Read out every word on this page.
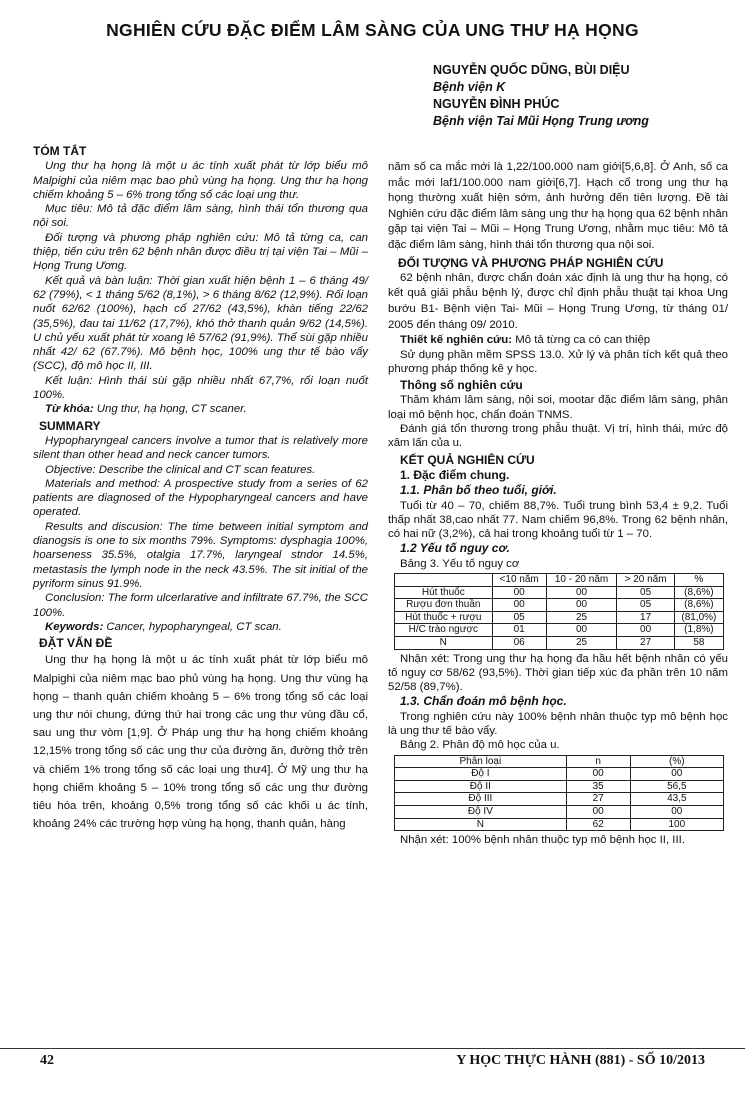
NGHIÊN CỨU ĐẶC ĐIỂM LÂM SÀNG CỦA UNG THƯ HẠ HỌNG
NGUYỄN QUỐC DŨNG, BÙI DIỆU
Bệnh viện K
NGUYỄN ĐÌNH PHÚC
Bệnh viện Tai Mũi Họng Trung ương
TÓM TẮT
Ung thư hạ họng là một u ác tính xuất phát từ lớp biểu mô Malpighi của niêm mạc bao phủ vùng hạ họng. Ung thư hạ họng chiếm khoảng 5 – 6% trong tổng số các loại ung thư.
Mục tiêu: Mô tả đặc điểm lâm sàng, hình thái tổn thương qua nội soi.
Đối tượng và phương pháp nghiên cứu: Mô tả từng ca, can thiệp, tiến cứu trên 62 bệnh nhân được điều trị tại viện Tai – Mũi – Họng Trung Ương.
Kết quả và bàn luận: Thời gian xuất hiện bệnh 1 – 6 tháng 49/ 62 (79%), < 1 tháng 5/62 (8,1%), > 6 tháng 8/62 (12,9%). Rối loạn nuốt 62/62 (100%), hạch cổ 27/62 (43,5%), khàn tiếng 22/62 (35,5%), đau tai 11/62 (17,7%), khó thở thanh quản 9/62 (14,5%). U chủ yếu xuất phát từ xoang lê 57/62 (91,9%). Thể sùi gặp nhiều nhất 42/ 62 (67.7%). Mô bệnh học, 100% ung thư tế bào vẩy (SCC), độ mô học II, III.
Kết luận: Hình thái sùi gặp nhiều nhất 67,7%, rối loạn nuốt 100%.
Từ khóa: Ung thư, hạ họng, CT scaner.
SUMMARY
Hypopharyngeal cancers involve a tumor that is relatively more silent than other head and neck cancer tumors.
Objective: Describe the clinical and CT scan features.
Materials and method: A prospective study from a series of 62 patients are diagnosed of the Hypopharyngeal cancers and have operated.
Results and discusion: The time between initial symptom and dianogsis is one to six months 79%. Symptoms: dysphagia 100%, hoarseness 35.5%, otalgia 17.7%, laryngeal stndor 14.5%, metastasis the lymph node in the neck 43.5%. The sit initial of the pyriform sinus 91.9%.
Conclusion: The form ulcerlarative and infiltrate 67.7%, the SCC 100%.
Keywords: Cancer, hypopharyngeal, CT scan.
ĐẶT VẤN ĐỀ
Ung thư hạ họng là một u ác tính xuất phát từ lớp biểu mô Malpighi của niêm mạc bao phủ vùng hạ họng. Ung thư vùng hạ họng – thanh quản chiếm khoảng 5 – 6% trong tổng số các loại ung thư nói chung, đứng thứ hai trong các ung thư vùng đầu cổ, sau ung thư vòm [1,9]. Ở Pháp ung thư hạ họng chiếm khoảng 12,15% trong tổng số các ung thư của đường ăn, đường thở trên và chiếm 1% trong tổng số các loại ung thư4]. Ở Mỹ ung thư hạ họng chiếm khoảng 5 – 10% trong tổng số các ung thư đường tiêu hóa trên, khoảng 0,5% trong tổng số các khối u ác tính, khoảng 24% các trường hợp vùng hạ họng, thanh quản, hàng
năm số ca mắc mới là 1,22/100.000 nam giới[5,6,8]. Ở Anh, số ca mắc mới laf1/100.000 nam giới[6,7]. Hạch cổ trong ung thư hạ họng thường xuất hiện sớm, ảnh hưởng đến tiên lượng. Đề tài Nghiên cứu đặc điểm lâm sàng ung thư hạ họng qua 62 bệnh nhân gặp tại viện Tai – Mũi – Họng Trung Ương, nhằm mục tiêu: Mô tả đặc điểm lâm sàng, hình thái tổn thương qua nội soi.
ĐỐI TƯỢNG VÀ PHƯƠNG PHÁP NGHIÊN CỨU
62 bệnh nhân, được chẩn đoán xác định là ung thư hạ họng, có kết quả giải phẫu bệnh lý, được chỉ định phẫu thuật tại khoa Ung bướu B1- Bệnh viện Tai- Mũi – Họng Trung Ương, từ tháng 01/ 2005 đến tháng 09/ 2010.
Thiết kế nghiên cứu: Mô tả từng ca có can thiệp
Sử dụng phần mềm SPSS 13.0. Xử lý và phân tích kết quả theo phương pháp thống kê y học.
Thông số nghiên cứu
Thăm khám lâm sàng, nội soi, mootar đặc điểm lâm sàng, phân loại mô bệnh học, chẩn đoán TNMS.
Đánh giá tổn thương trong phẫu thuật. Vị trí, hình thái, mức độ xâm lấn của u.
KẾT QUẢ NGHIÊN CỨU
1. Đặc điểm chung.
1.1. Phân bố theo tuổi, giới.
Tuổi từ 40 – 70, chiếm 88,7%. Tuổi trung bình 53,4 ± 9,2. Tuổi thấp nhất 38,cao nhất 77. Nam chiếm 96,8%. Trong 62 bệnh nhân, có hai nữ (3,2%), cả hai trong khoảng tuổi từ 1 – 70.
1.2 Yếu tố nguy cơ.
Bảng 3. Yếu tố nguy cơ
	<10 năm	10 - 20 năm	> 20 năm	%
Hút thuốc	00	00	05	(8,6%)
Rượu đơn thuần	00	00	05	(8,6%)
Hút thuốc + rượu	05	25	17	(81,0%)
H/C trào ngược	01	00	00	(1,8%)
N	06	25	27	58
Nhận xét: Trong ung thư hạ họng đa hầu hết bệnh nhân có yếu tố nguy cơ 58/62 (93,5%). Thời gian tiếp xúc đa phần trên 10 năm 52/58 (89,7%).
1.3. Chẩn đoán mô bệnh học.
Trong nghiên cứu này 100% bệnh nhân thuộc typ mô bệnh học là ung thư tế bào vẩy.
Bảng 2. Phân độ mô học của u.
Phân loại	n	(%)
Độ I	00	00
Độ II	35	56,5
Độ III	27	43,5
Độ IV	00	00
N	62	100
Nhận xét: 100% bệnh nhân thuộc typ mô bệnh học II, III.
42	Y HỌC THỰC HÀNH (881) - SỐ 10/2013
